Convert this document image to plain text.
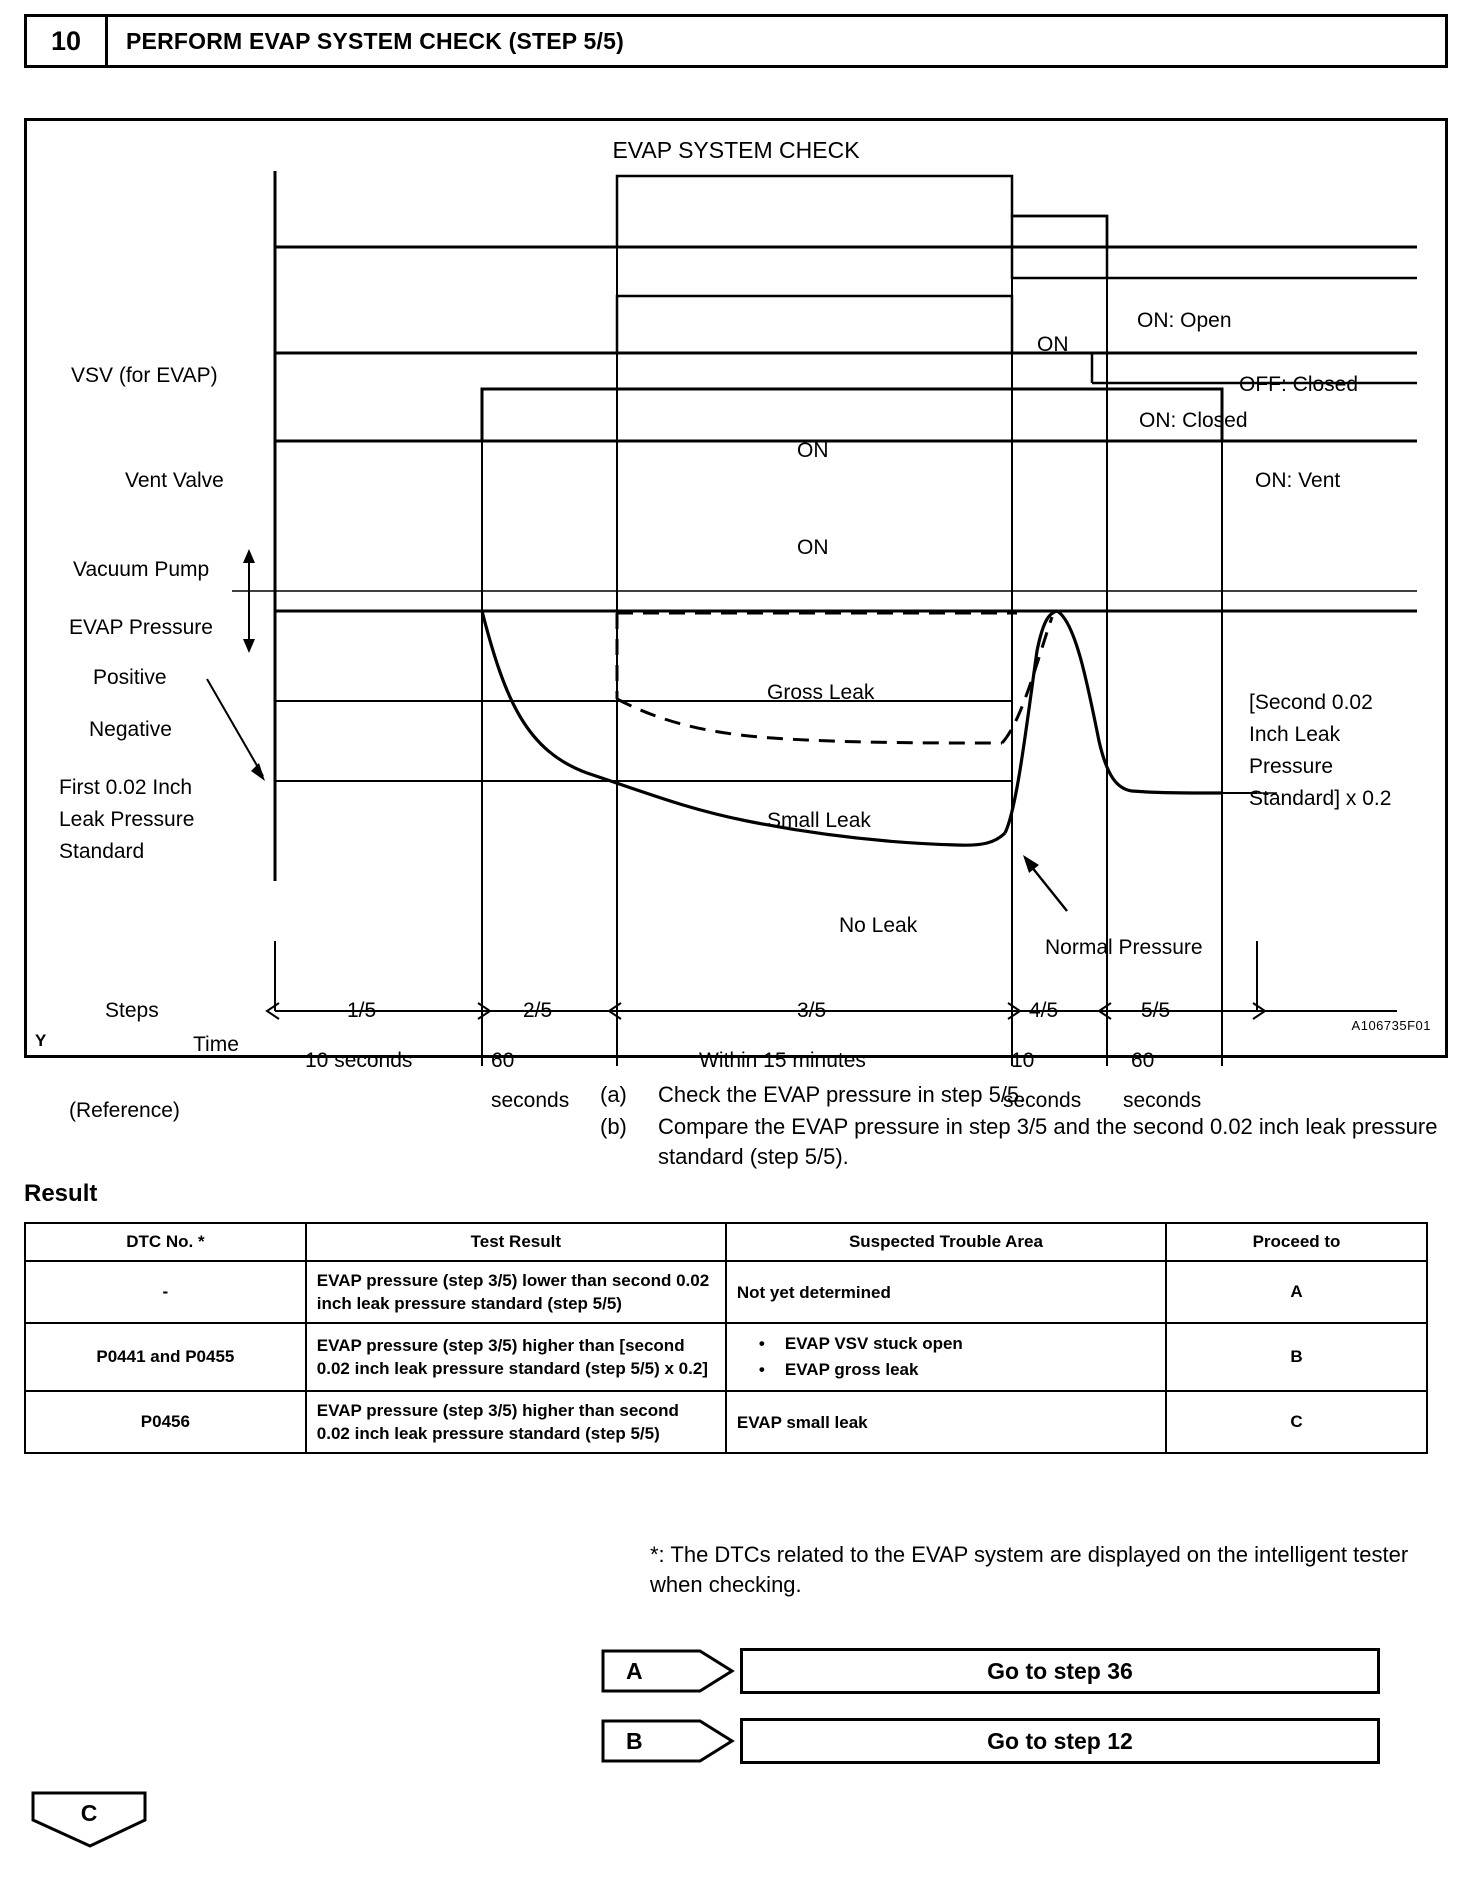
10	PERFORM EVAP SYSTEM CHECK (STEP 5/5)
EVAP SYSTEM CHECK
VSV (for EVAP)
Vent Valve
Vacuum Pump
EVAP Pressure
Positive
Negative
First 0.02 Inch
Leak Pressure
Standard
[Second 0.02
Inch Leak
Pressure
Standard] x 0.2
ON
ON: Open
OFF: Closed
ON
ON: Closed
ON: Vent
ON
Gross Leak
Small Leak
No Leak
Normal Pressure
Steps
Time
(Reference)
1/5	2/5	3/5	4/5	5/5
10 seconds	60
seconds
Within 15 minutes	10
seconds
60
seconds
A106735F01
Y
(a)	Check the EVAP pressure in step 5/5.
(b)	Compare the EVAP pressure in step 3/5 and the second 0.02 inch leak pressure standard (step 5/5).
Result
DTC No. *	Test Result	Suspected Trouble Area	Proceed to
-	EVAP pressure (step 3/5) lower than second 0.02 inch leak pressure standard (step 5/5)	Not yet determined	A
P0441 and P0455	EVAP pressure (step 3/5) higher than [second 0.02 inch leak pressure standard (step 5/5) x 0.2]	
• EVAP VSV stuck open
• EVAP gross leak
	B
P0456	EVAP pressure (step 3/5) higher than second 0.02 inch leak pressure standard (step 5/5)	EVAP small leak	C
*: The DTCs related to the EVAP system are displayed on the intelligent tester when checking.
A	Go to step 36
B	Go to step 12
C
